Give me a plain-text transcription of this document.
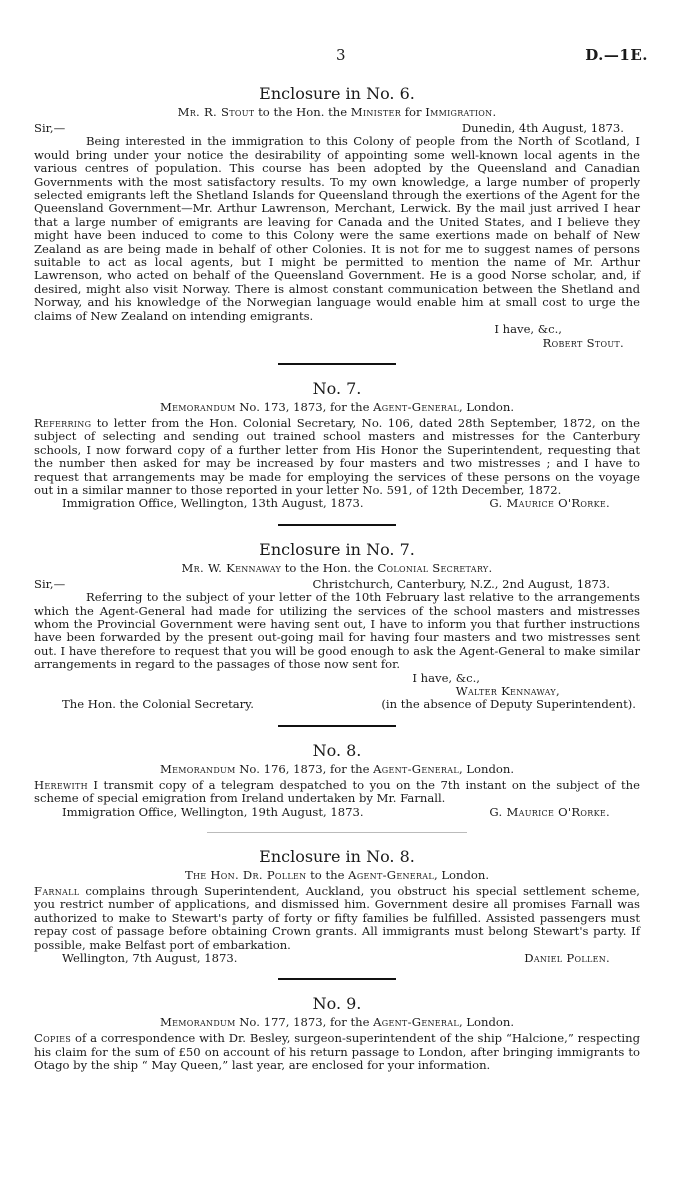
3	D.—1E.
Enclosure in No. 6.
Mr. R. Stout to the Hon. the Minister for Immigration.
Sir,—	Dunedin, 4th August, 1873.

Being interested in the immigration to this Colony of people from the North of Scotland, I would bring under your notice the desirability of appointing some well-known local agents in the various centres of population. This course has been adopted by the Queensland and Canadian Governments with the most satisfactory results. To my own knowledge, a large number of properly selected emigrants left the Shetland Islands for Queensland through the exertions of the Agent for the Queensland Government—Mr. Arthur Lawrenson, Merchant, Lerwick. By the mail just arrived I hear that a large number of emigrants are leaving for Canada and the United States, and I believe they might have been induced to come to this Colony were the same exertions made on behalf of New Zealand as are being made in behalf of other Colonies. It is not for me to suggest names of persons suitable to act as local agents, but I might be permitted to mention the name of Mr. Arthur Lawrenson, who acted on behalf of the Queensland Government. He is a good Norse scholar, and, if desired, might also visit Norway. There is almost constant communication between the Shetland and Norway, and his knowledge of the Norwegian language would enable him at small cost to urge the claims of New Zealand on intending emigrants.

I have, &c.,
Robert Stout.
No. 7.
Memorandum No. 173, 1873, for the Agent-General, London.

Referring to letter from the Hon. Colonial Secretary, No. 106, dated 28th September, 1872, on the subject of selecting and sending out trained school masters and mistresses for the Canterbury schools, I now forward copy of a further letter from His Honor the Superintendent, requesting that the number then asked for may be increased by four masters and two mistresses ; and I have to request that arrangements may be made for employing the services of these persons on the voyage out in a similar manner to those reported in your letter No. 591, of 12th December, 1872.

Immigration Office, Wellington, 13th August, 1873.	G. Maurice O'Rorke.
Enclosure in No. 7.
Mr. W. Kennaway to the Hon. the Colonial Secretary.
Sir,—	Christchurch, Canterbury, N.Z., 2nd August, 1873.

Referring to the subject of your letter of the 10th February last relative to the arrangements which the Agent-General had made for utilizing the services of the school masters and mistresses whom the Provincial Government were having sent out, I have to inform you that further instructions have been forwarded by the present out-going mail for having four masters and two mistresses sent out. I have therefore to request that you will be good enough to ask the Agent-General to make similar arrangements in regard to the passages of those now sent for.

I have, &c.,
Walter Kennaway,
The Hon. the Colonial Secretary.	(in the absence of Deputy Superintendent).
No. 8.
Memorandum No. 176, 1873, for the Agent-General, London.

Herewith I transmit copy of a telegram despatched to you on the 7th instant on the subject of the scheme of special emigration from Ireland undertaken by Mr. Farnall.

Immigration Office, Wellington, 19th August, 1873.	G. Maurice O'Rorke.
Enclosure in No. 8.
The Hon. Dr. Pollen to the Agent-General, London.

Farnall complains through Superintendent, Auckland, you obstruct his special settlement scheme, you restrict number of applications, and dismissed him. Government desire all promises Farnall was authorized to make to Stewart's party of forty or fifty families be fulfilled. Assisted passengers must repay cost of passage before obtaining Crown grants. All immigrants must belong Stewart's party. If possible, make Belfast port of embarkation.

Wellington, 7th August, 1873.	Daniel Pollen.
No. 9.
Memorandum No. 177, 1873, for the Agent-General, London.

Copies of a correspondence with Dr. Besley, surgeon-superintendent of the ship “Halcione,” respecting his claim for the sum of £50 on account of his return passage to London, after bringing immigrants to Otago by the ship “ May Queen,” last year, are enclosed for your information.
